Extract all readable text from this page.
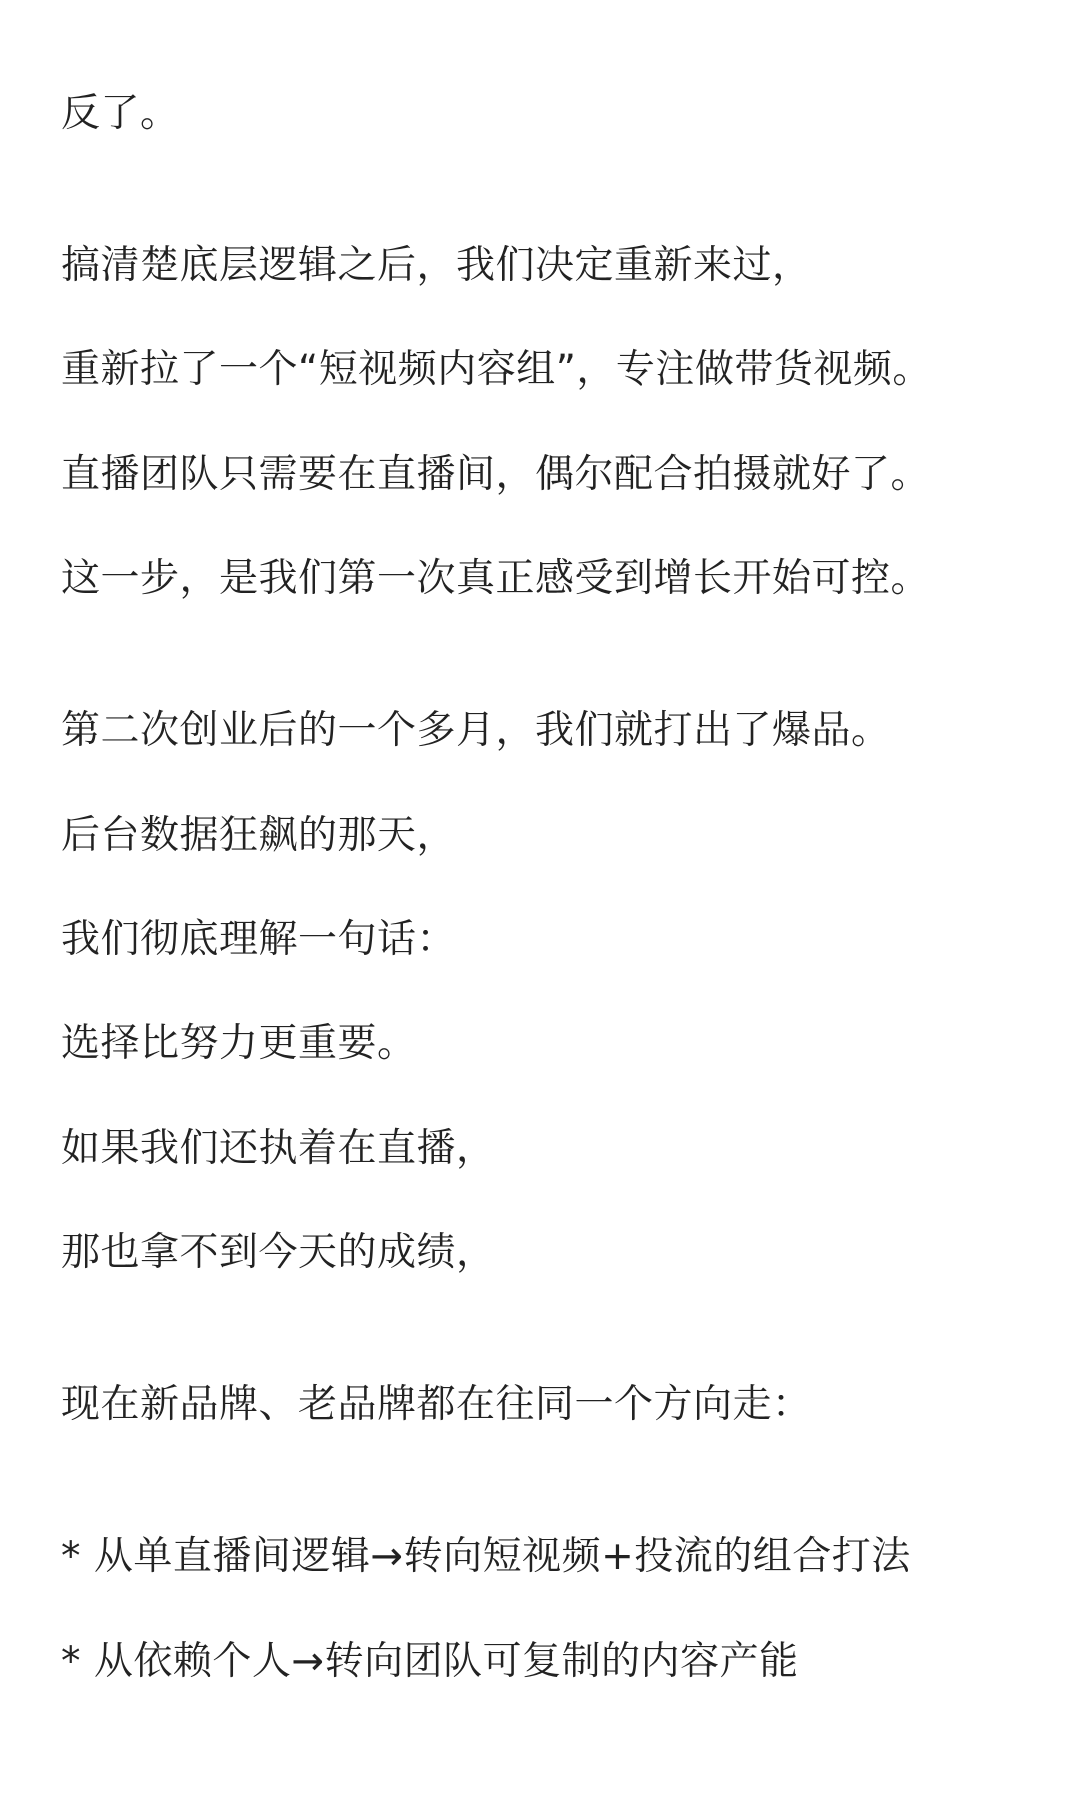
反了。

搞清楚底层逻辑之后，我们决定重新来过，

重新拉了一个“短视频内容组”，专注做带货视频。

直播团队只需要在直播间，偶尔配合拍摄就好了。

这一步，是我们第一次真正感受到增长开始可控。

第二次创业后的一个多月，我们就打出了爆品。

后台数据狂飙的那天，

我们彻底理解一句话：

选择比努力更重要。

如果我们还执着在直播，

那也拿不到今天的成绩，

现在新品牌、老品牌都在往同一个方向走：

* 从单直播间逻辑→转向短视频+投流的组合打法

* 从依赖个人→转向团队可复制的内容产能
